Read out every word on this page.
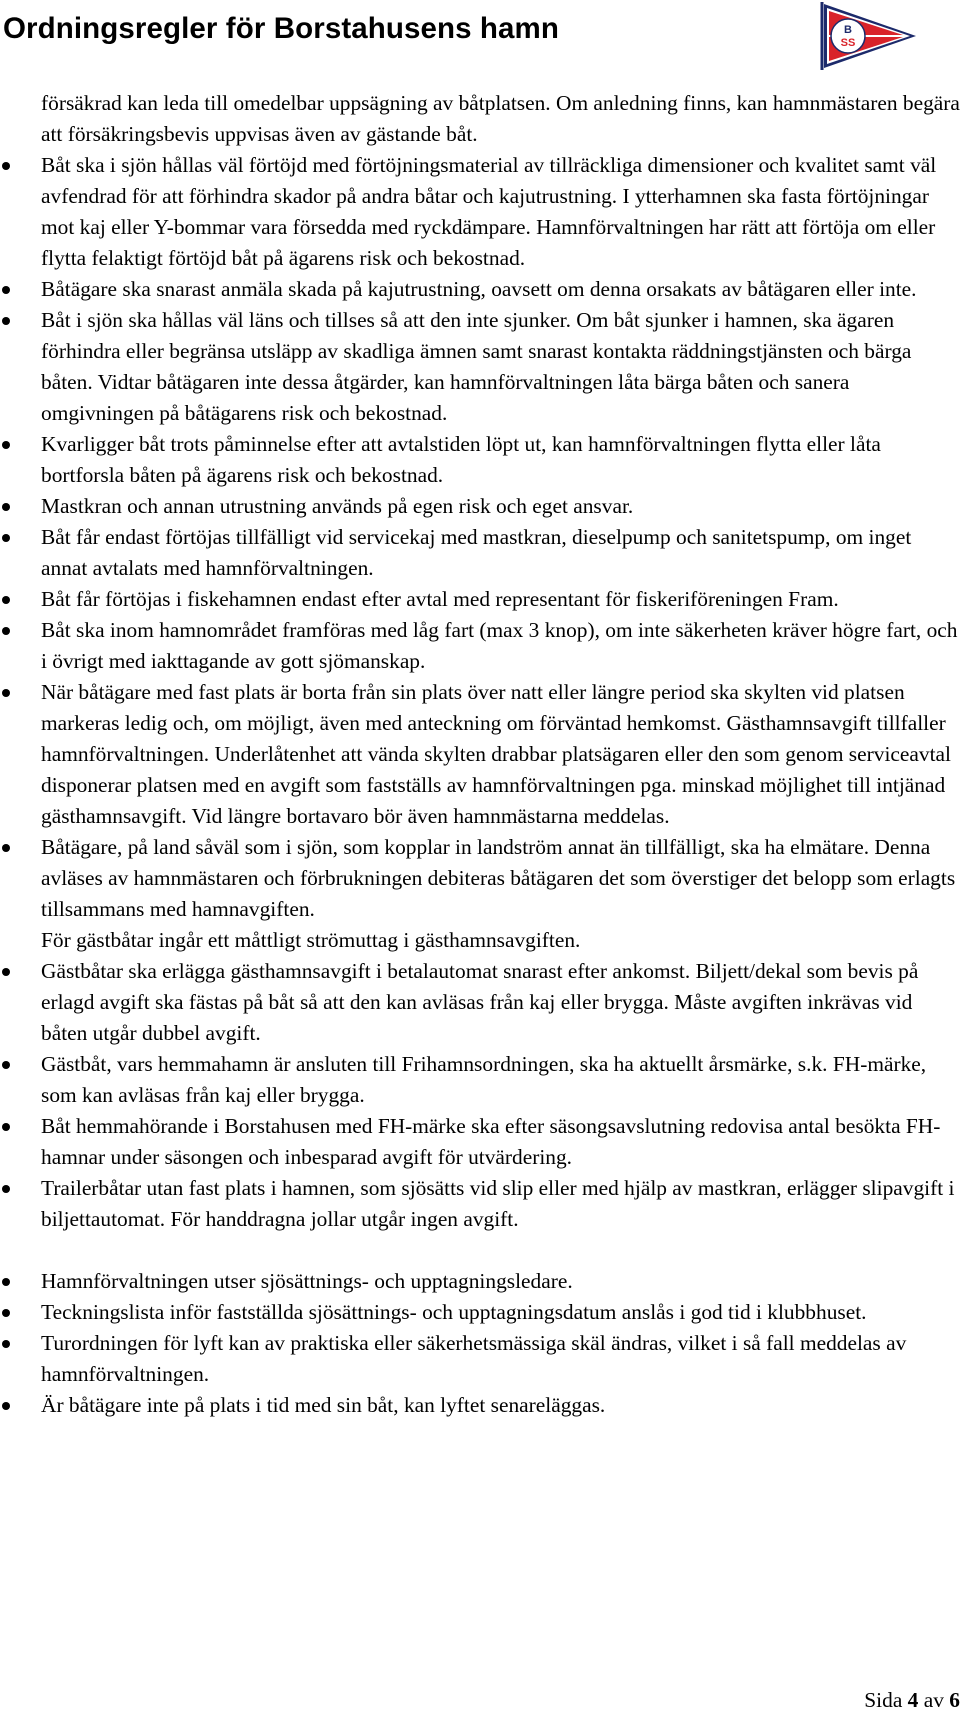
Ordningsregler för Borstahusens hamn	B
SS

försäkrad kan leda till omedelbar uppsägning av båtplatsen. Om anledning finns, kan hamnmästaren begära att försäkringsbevis uppvisas även av gästande båt.

Båt ska i sjön hållas väl förtöjd med förtöjningsmaterial av tillräckliga dimensioner och kvalitet samt väl avfendrad för att förhindra skador på andra båtar och kajutrustning. I ytterhamnen ska fasta förtöjningar mot kaj eller Y-bommar vara försedda med ryckdämpare. Hamnförvaltningen har rätt att förtöja om eller flytta felaktigt förtöjd båt på ägarens risk och bekostnad.
Båtägare ska snarast anmäla skada på kajutrustning, oavsett om denna orsakats av båtägaren eller inte.
Båt i sjön ska hållas väl läns och tillses så att den inte sjunker. Om båt sjunker i hamnen, ska ägaren förhindra eller begränsa utsläpp av skadliga ämnen samt snarast kontakta räddningstjänsten och bärga båten. Vidtar båtägaren inte dessa åtgärder, kan hamnförvaltningen låta bärga båten och sanera omgivningen på båtägarens risk och bekostnad.
Kvarligger båt trots påminnelse efter att avtalstiden löpt ut, kan hamnförvaltningen flytta eller låta bortforsla båten på ägarens risk och bekostnad.
Mastkran och annan utrustning används på egen risk och eget ansvar.
Båt får endast förtöjas tillfälligt vid servicekaj med mastkran, dieselpump och sanitetspump, om inget annat avtalats med hamnförvaltningen.
Båt får förtöjas i fiskehamnen endast efter avtal med representant för fiskeriföreningen Fram.
Båt ska inom hamnområdet framföras med låg fart (max 3 knop), om inte säkerheten kräver högre fart, och i övrigt med iakttagande av gott sjömanskap.
När båtägare med fast plats är borta från sin plats över natt eller längre period ska skylten vid platsen markeras ledig och, om möjligt, även med anteckning om förväntad hemkomst. Gästhamnsavgift tillfaller hamnförvaltningen. Underlåtenhet att vända skylten drabbar platsägaren eller den som genom serviceavtal disponerar platsen med en avgift som fastställs av hamnförvaltningen pga. minskad möjlighet till intjänad gästhamnsavgift. Vid längre bortavaro bör även hamnmästarna meddelas.
Båtägare, på land såväl som i sjön, som kopplar in landström annat än tillfälligt, ska ha elmätare. Denna avläses av hamnmästaren och förbrukningen debiteras båtägaren det som överstiger det belopp som erlagts tillsammans med hamnavgiften.
För gästbåtar ingår ett måttligt strömuttag i gästhamnsavgiften.
Gästbåtar ska erlägga gästhamnsavgift i betalautomat snarast efter ankomst. Biljett/dekal som bevis på erlagd avgift ska fästas på båt så att den kan avläsas från kaj eller brygga. Måste avgiften inkrävas vid båten utgår dubbel avgift.
Gästbåt, vars hemmahamn är ansluten till Frihamnsordningen, ska ha aktuellt årsmärke, s.k. FH-märke, som kan avläsas från kaj eller brygga.
Båt hemmahörande i Borstahusen med FH-märke ska efter säsongsavslutning redovisa antal besökta FH-hamnar under säsongen och inbesparad avgift för utvärdering.
Trailerbåtar utan fast plats i hamnen, som sjösätts vid slip eller med hjälp av mastkran, erlägger slipavgift i biljettautomat. För handdragna jollar utgår ingen avgift.
Hamnförvaltningen utser sjösättnings- och upptagningsledare.
Teckningslista inför fastställda sjösättnings- och upptagningsdatum anslås i god tid i klubbhuset.
Turordningen för lyft kan av praktiska eller säkerhetsmässiga skäl ändras, vilket i så fall meddelas av hamnförvaltningen.
Är båtägare inte på plats i tid med sin båt, kan lyftet senareläggas.
Sida 4 av 6
